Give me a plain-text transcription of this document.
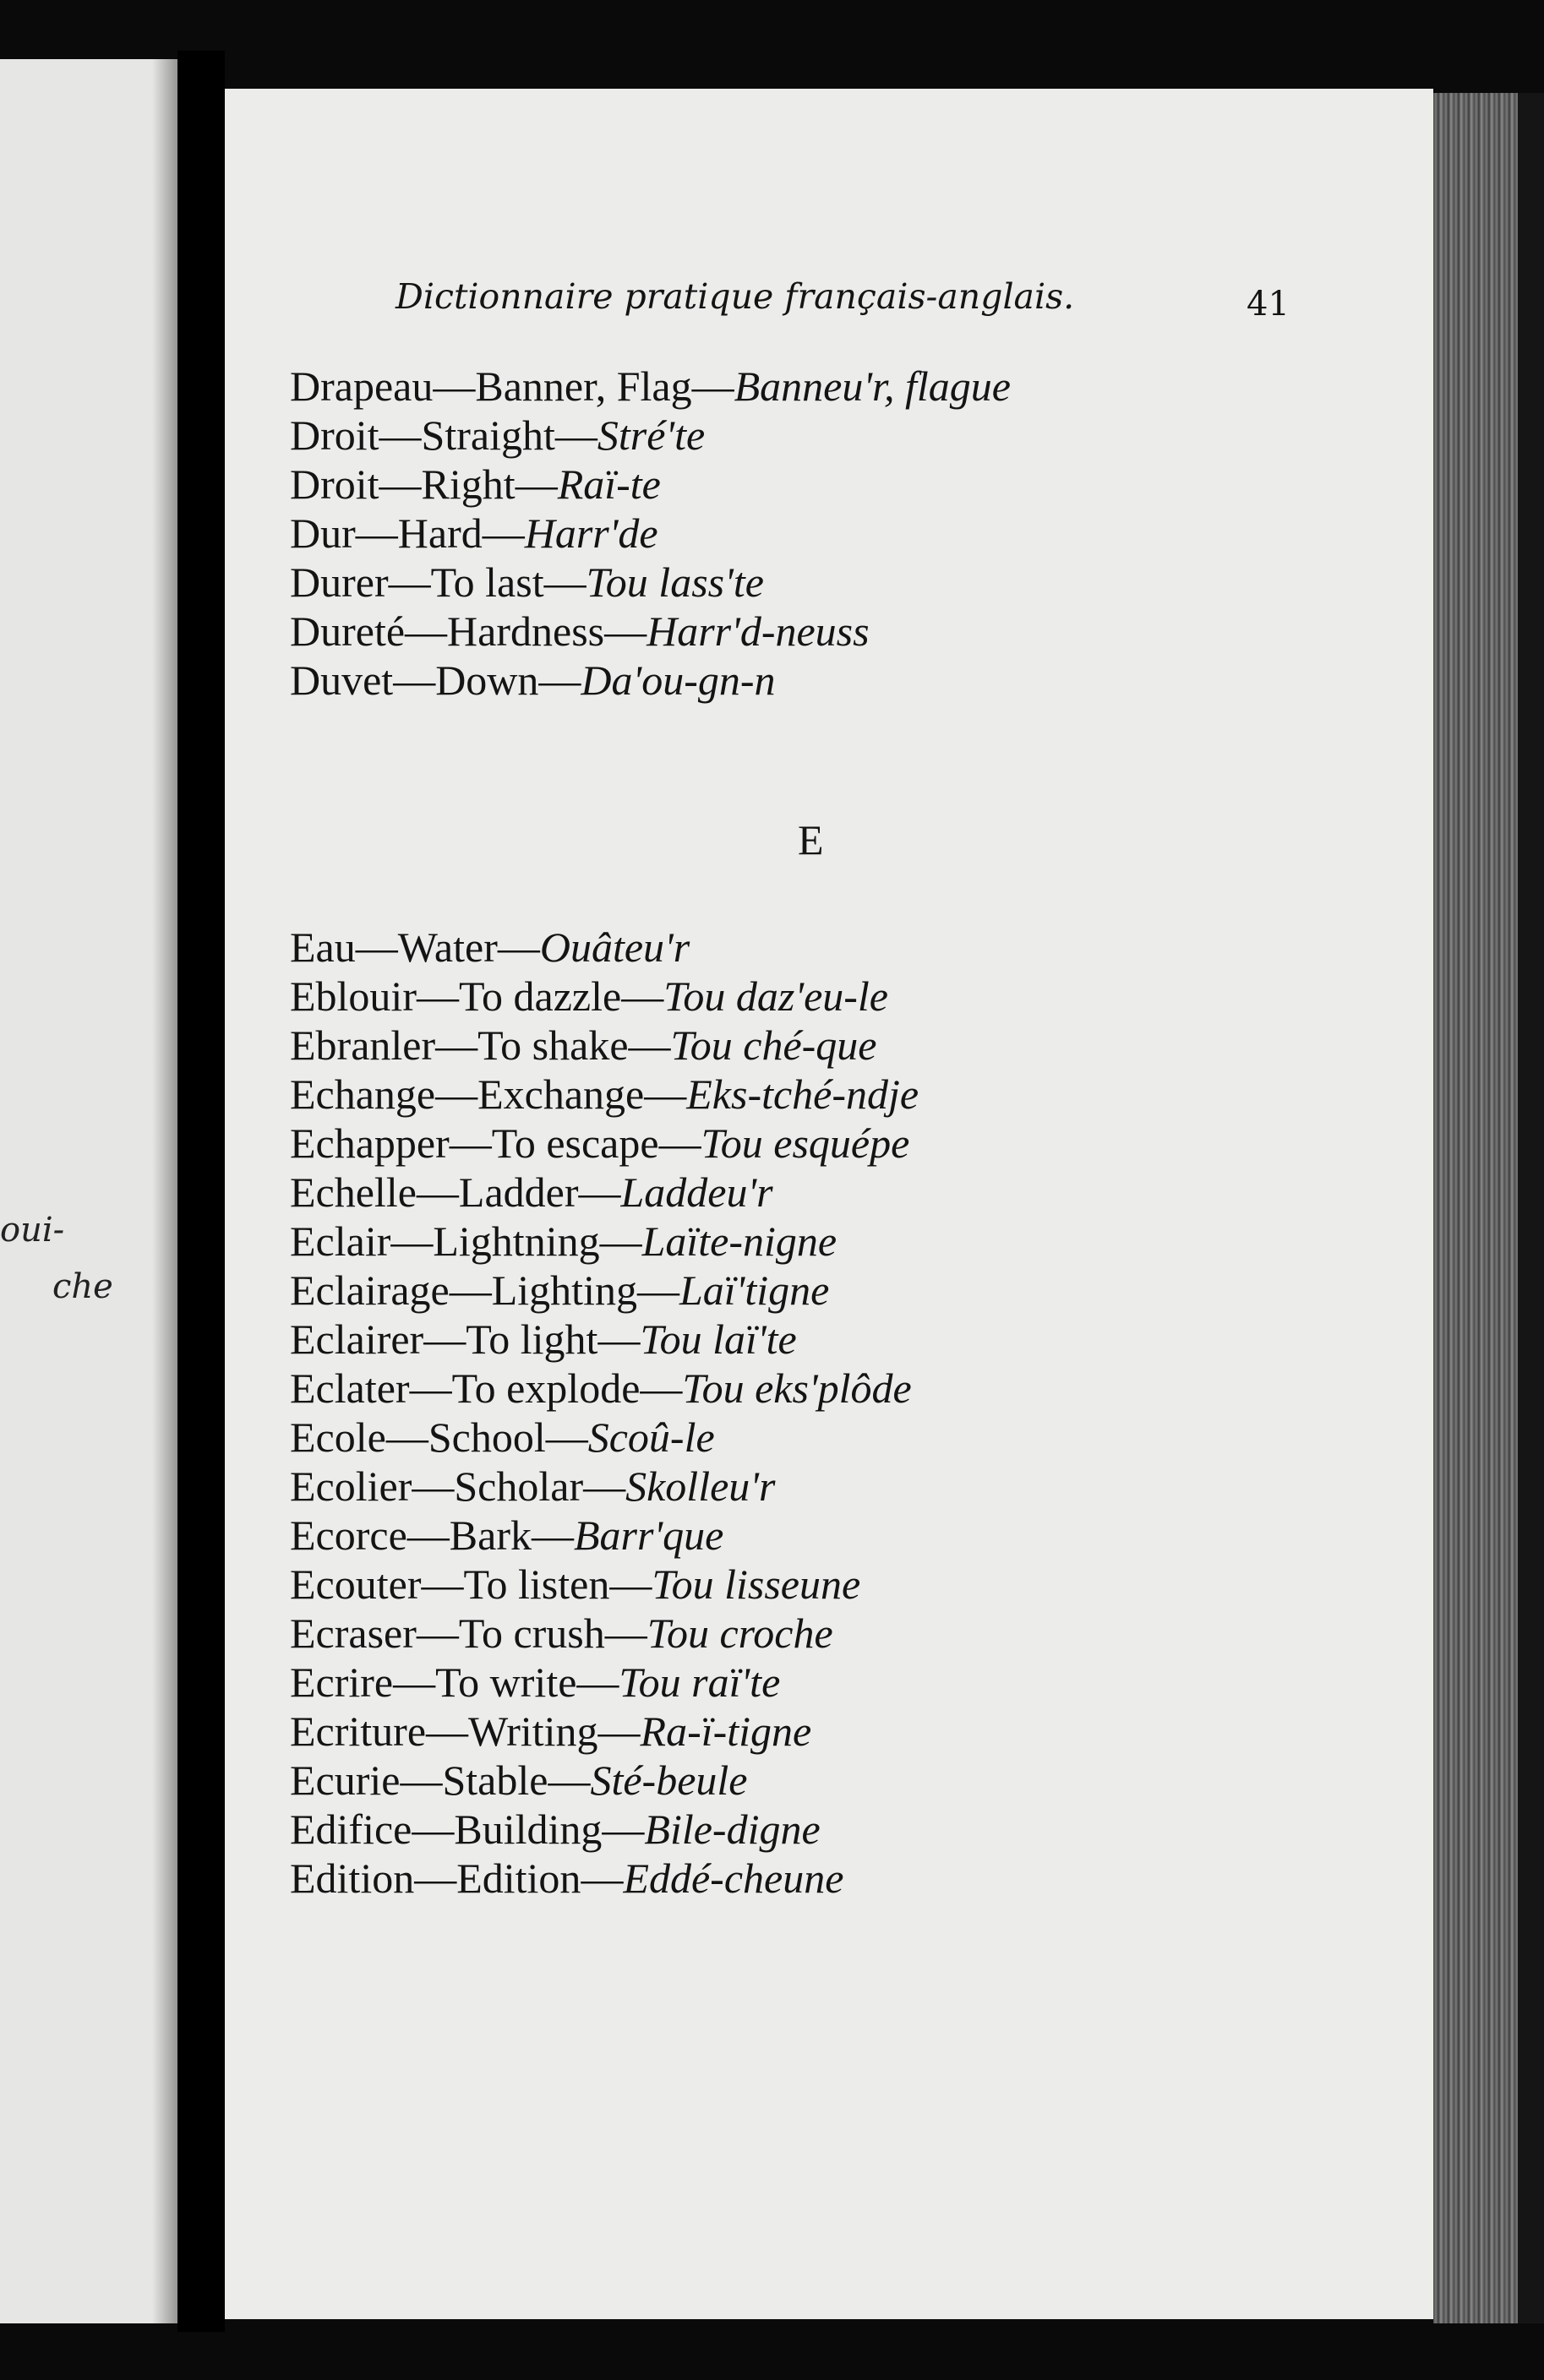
oui-
che
Dictionnaire pratique français-anglais.	41
Drapeau—Banner, Flag—Banneu'r, flague
Droit—Straight—Stré'te
Droit—Right—Raï-te
Dur—Hard—Harr'de
Durer—To last—Tou lass'te
Dureté—Hardness—Harr'd-neuss
Duvet—Down—Da'ou-gn-n
E
Eau—Water—Ouâteu'r
Eblouir—To dazzle—Tou daz'eu-le
Ebranler—To shake—Tou ché-que
Echange—Exchange—Eks-tché-ndje
Echapper—To escape—Tou esquépe
Echelle—Ladder—Laddeu'r
Eclair—Lightning—Laïte-nigne
Eclairage—Lighting—Laï'tigne
Eclairer—To light—Tou laï'te
Eclater—To explode—Tou eks'plôde
Ecole—School—Scoû-le
Ecolier—Scholar—Skolleu'r
Ecorce—Bark—Barr'que
Ecouter—To listen—Tou lisseune
Ecraser—To crush—Tou croche
Ecrire—To write—Tou raï'te
Ecriture—Writing—Ra-ï-tigne
Ecurie—Stable—Sté-beule
Edifice—Building—Bile-digne
Edition—Edition—Eddé-cheune
